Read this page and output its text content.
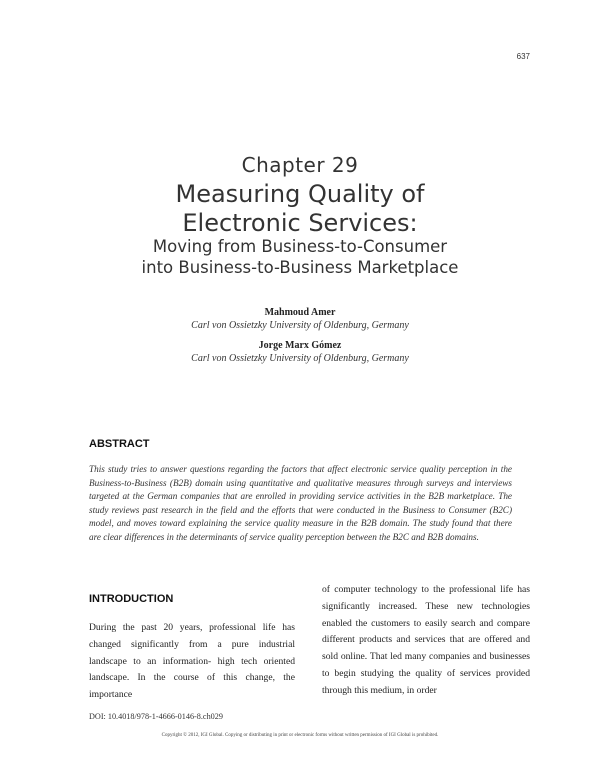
637
Chapter 29
Measuring Quality of
Electronic Services:
Moving from Business-to-Consumer
into Business-to-Business Marketplace
Mahmoud Amer
Carl von Ossietzky University of Oldenburg, Germany
Jorge Marx Gómez
Carl von Ossietzky University of Oldenburg, Germany
ABSTRACT
This study tries to answer questions regarding the factors that affect electronic service quality perception in the Business-to-Business (B2B) domain using quantitative and qualitative measures through surveys and interviews targeted at the German companies that are enrolled in providing service activities in the B2B marketplace. The study reviews past research in the field and the efforts that were conducted in the Business to Consumer (B2C) model, and moves toward explaining the service quality measure in the B2B domain. The study found that there are clear differences in the determinants of service quality perception between the B2C and B2B domains.
INTRODUCTION
During the past 20 years, professional life has changed significantly from a pure industrial landscape to an information- high tech oriented landscape. In the course of this change, the importance
of computer technology to the professional life has significantly increased. These new technologies enabled the customers to easily search and compare different products and services that are offered and sold online. That led many companies and businesses to begin studying the quality of services provided through this medium, in order
DOI: 10.4018/978-1-4666-0146-8.ch029
Copyright © 2012, IGI Global. Copying or distributing in print or electronic forms without written permission of IGI Global is prohibited.
